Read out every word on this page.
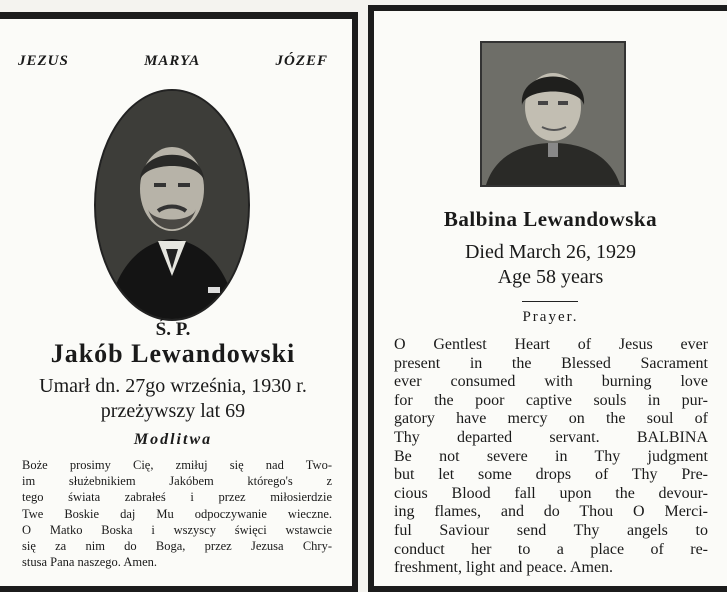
JEZUS	MARYA	JÓZEF
Ś. P.
Jakób Lewandowski
Umarł dn. 27go września, 1930 r.
przeżywszy lat 69
Modlitwa
Boże prosimy Cię, zmiłuj się nad Two-
im służebnikiem Jakóbem którego's z
tego świata zabrałeś i przez miłosierdzie
Twe Boskie daj Mu odpoczywanie wieczne.
O Matko Boska i wszyscy święci wstawcie
się za nim do Boga, przez Jezusa Chry-
stusa Pana naszego. Amen.
Balbina Lewandowska
Died March 26, 1929
Age 58 years
Prayer.
O Gentlest Heart of Jesus ever
present in the Blessed Sacrament
ever consumed with burning love
for the poor captive souls in pur-
gatory have mercy on the soul of
Thy departed servant. BALBINA
Be not severe in Thy judgment
but let some drops of Thy Pre-
cious Blood fall upon the devour-
ing flames, and do Thou O Merci-
ful Saviour send Thy angels to
conduct her to a place of re-
freshment, light and peace. Amen.
